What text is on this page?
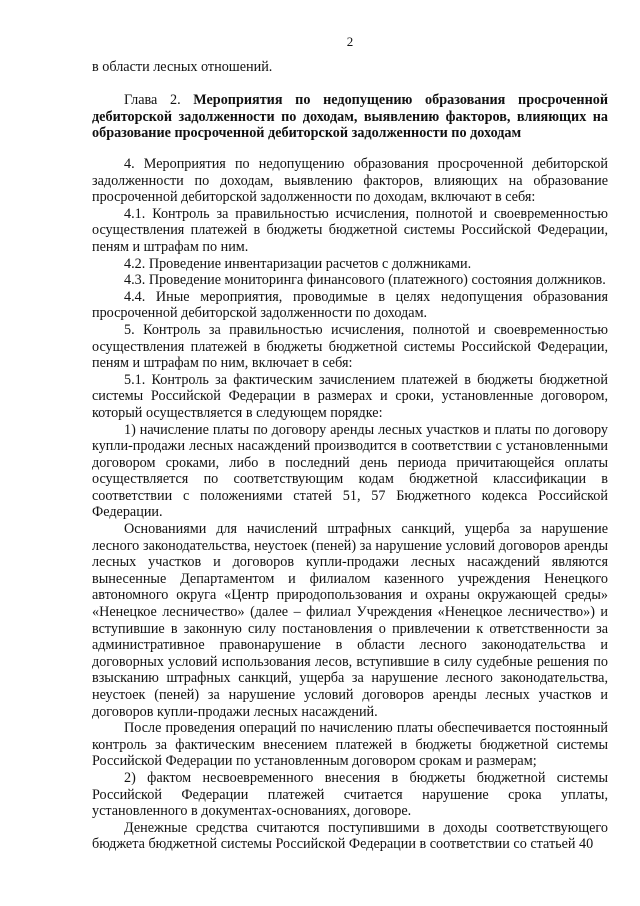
2

в области лесных отношений.

Глава 2. Мероприятия по недопущению образования просроченной дебиторской задолженности по доходам, выявлению факторов, влияющих на образование просроченной дебиторской задолженности по доходам

4. Мероприятия по недопущению образования просроченной дебиторской задолженности по доходам, выявлению факторов, влияющих на образование просроченной дебиторской задолженности по доходам, включают в себя:

4.1. Контроль за правильностью исчисления, полнотой и своевременностью осуществления платежей в бюджеты бюджетной системы Российской Федерации, пеням и штрафам по ним.

4.2. Проведение инвентаризации расчетов с должниками.

4.3. Проведение мониторинга финансового (платежного) состояния должников.

4.4. Иные мероприятия, проводимые в целях недопущения образования просроченной дебиторской задолженности по доходам.

5. Контроль за правильностью исчисления, полнотой и своевременностью осуществления платежей в бюджеты бюджетной системы Российской Федерации, пеням и штрафам по ним, включает в себя:

5.1. Контроль за фактическим зачислением платежей в бюджеты бюджетной системы Российской Федерации в размерах и сроки, установленные договором, который осуществляется в следующем порядке:

1) начисление платы по договору аренды лесных участков и платы по договору купли-продажи лесных насаждений производится в соответствии с установленными договором сроками, либо в последний день периода причитающейся оплаты осуществляется по соответствующим кодам бюджетной классификации в соответствии с положениями статей 51, 57 Бюджетного кодекса Российской Федерации.

Основаниями для начислений штрафных санкций, ущерба за нарушение лесного законодательства, неустоек (пеней) за нарушение условий договоров аренды лесных участков и договоров купли-продажи лесных насаждений являются вынесенные Департаментом и филиалом казенного учреждения Ненецкого автономного округа «Центр природопользования и охраны окружающей среды» «Ненецкое лесничество» (далее – филиал Учреждения «Ненецкое лесничество») и вступившие в законную силу постановления о привлечении к ответственности за административное правонарушение в области лесного законодательства и договорных условий использования лесов, вступившие в силу судебные решения по взысканию штрафных санкций, ущерба за нарушение лесного законодательства, неустоек (пеней) за нарушение условий договоров аренды лесных участков и договоров купли-продажи лесных насаждений.

После проведения операций по начислению платы обеспечивается постоянный контроль за фактическим внесением платежей в бюджеты бюджетной системы Российской Федерации по установленным договором срокам и размерам;

2) фактом несвоевременного внесения в бюджеты бюджетной системы Российской Федерации платежей считается нарушение срока уплаты, установленного в документах-основаниях, договоре.

Денежные средства считаются поступившими в доходы соответствующего бюджета бюджетной системы Российской Федерации в соответствии со статьей 40
